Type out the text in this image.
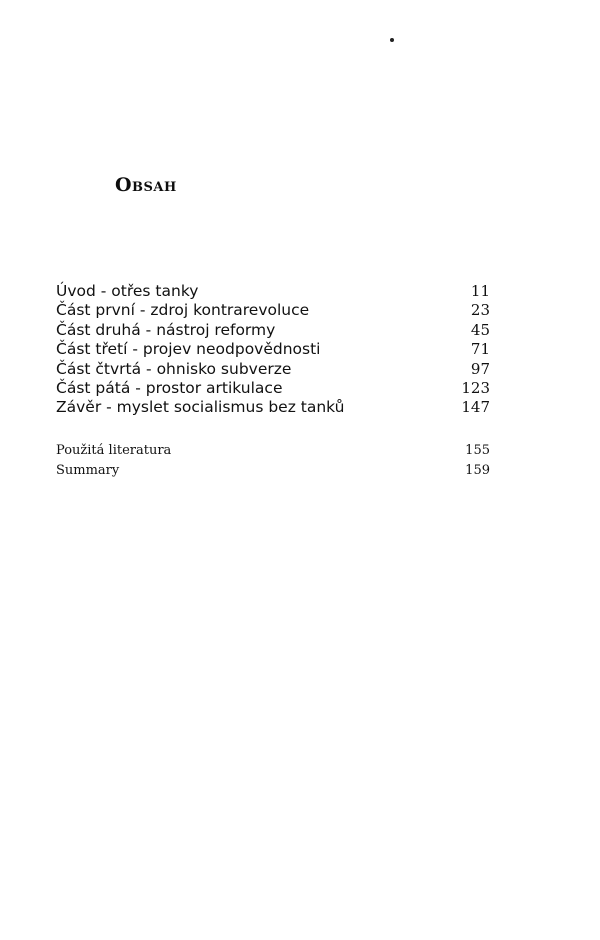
Obsah
Úvod - otřes tanky	11
Část první - zdroj kontrarevoluce	23
Část druhá - nástroj reformy	45
Část třetí - projev neodpovědnosti	71
Část čtvrtá - ohnisko subverze	97
Část pátá - prostor artikulace	123
Závěr - myslet socialismus bez tanků	147
Použitá literatura	155
Summary	159
